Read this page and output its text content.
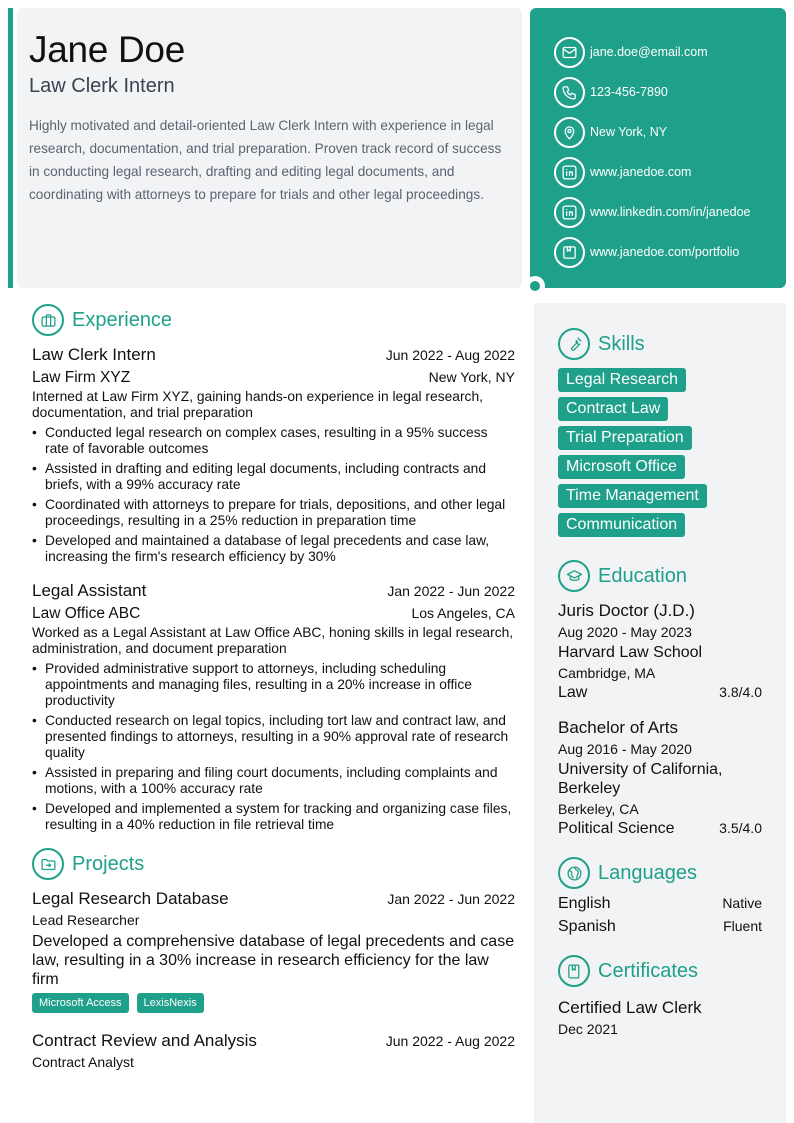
Jane Doe
Law Clerk Intern
Highly motivated and detail-oriented Law Clerk Intern with experience in legal research, documentation, and trial preparation. Proven track record of success in conducting legal research, drafting and editing legal documents, and coordinating with attorneys to prepare for trials and other legal proceedings.
jane.doe@email.com
123-456-7890
New York, NY
www.janedoe.com
www.linkedin.com/in/janedoe
www.janedoe.com/portfolio
Experience
Law Clerk Intern	Jun 2022 - Aug 2022
Law Firm XYZ	New York, NY
Interned at Law Firm XYZ, gaining hands-on experience in legal research, documentation, and trial preparation
• Conducted legal research on complex cases, resulting in a 95% success rate of favorable outcomes
• Assisted in drafting and editing legal documents, including contracts and briefs, with a 99% accuracy rate
• Coordinated with attorneys to prepare for trials, depositions, and other legal proceedings, resulting in a 25% reduction in preparation time
• Developed and maintained a database of legal precedents and case law, increasing the firm's research efficiency by 30%
Legal Assistant	Jan 2022 - Jun 2022
Law Office ABC	Los Angeles, CA
Worked as a Legal Assistant at Law Office ABC, honing skills in legal research, administration, and document preparation
• Provided administrative support to attorneys, including scheduling appointments and managing files, resulting in a 20% increase in office productivity
• Conducted research on legal topics, including tort law and contract law, and presented findings to attorneys, resulting in a 90% approval rate of research quality
• Assisted in preparing and filing court documents, including complaints and motions, with a 100% accuracy rate
• Developed and implemented a system for tracking and organizing case files, resulting in a 40% reduction in file retrieval time
Projects
Legal Research Database	Jan 2022 - Jun 2022
Lead Researcher
Developed a comprehensive database of legal precedents and case law, resulting in a 30% increase in research efficiency for the law firm
Microsoft Access	LexisNexis
Contract Review and Analysis	Jun 2022 - Aug 2022
Contract Analyst
Skills
Legal Research
Contract Law
Trial Preparation
Microsoft Office
Time Management
Communication
Education
Juris Doctor (J.D.)
Aug 2020 - May 2023
Harvard Law School
Cambridge, MA
Law	3.8/4.0
Bachelor of Arts
Aug 2016 - May 2020
University of California, Berkeley
Berkeley, CA
Political Science	3.5/4.0
Languages
English	Native
Spanish	Fluent
Certificates
Certified Law Clerk
Dec 2021
